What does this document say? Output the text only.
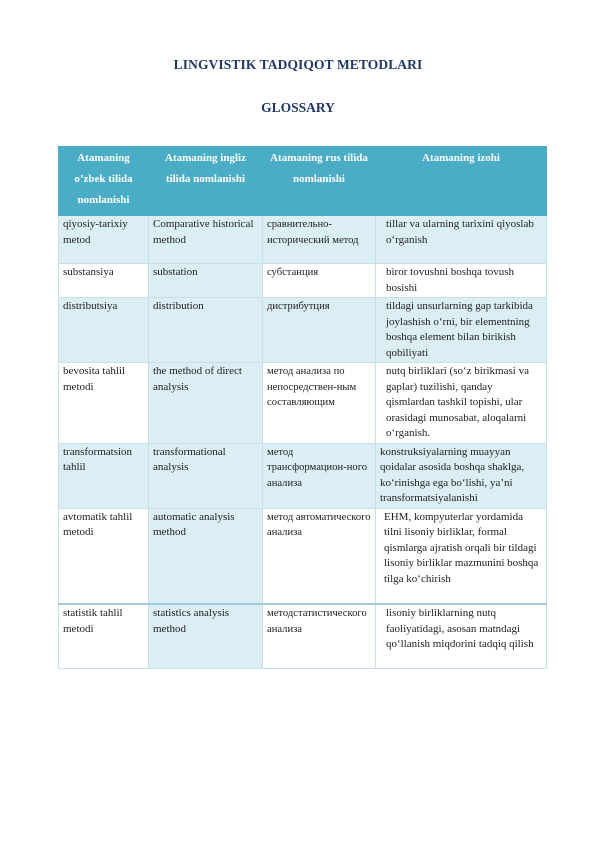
LINGVISTIK TADQIQOT METODLARI
GLOSSARY
Atamaning o’zbek tilida nomlanishi	Atamaning ingliz tilida nomlanishi	Atamaning rus tilida nomlanishi	Atamaning izohi
qiyosiy-tarixiy metod	Comparative historical method	сравнительно-исторический метод	tillar va ularning tarixini qiyoslab o‘rganish
substansiya	substation	субстанция	biror tovushni boshqa tovush bosishi
distributsiya	distribution	дистрибутция	tildagi unsurlarning gap tarkibida joylashish o‘rni, bir elementning boshqa element bilan birikish qobiliyati
bevosita tahlil metodi	the method of direct analysis	метод анализа по непосредствен-ным составляющим	nutq birliklari (so‘z birikmasi va gaplar) tuzilishi, qanday qismlardan tashkil topishi, ular orasidagi munosabat, aloqalarni o‘rganish.
transformatsion tahlil	transformational analysis	метод трансформацион-ного анализа	konstruksiyalarning muayyan qoidalar asosida boshqa shaklga, ko‘rinishga ega bo‘lishi, ya’ni transformatsiyalanishi
avtomatik tahlil metodi	automatic analysis method	метод автоматического анализа	EHM, kompyuterlar yordamida tilni lisoniy birliklar, formal qismlarga ajratish orqali bir tildagi lisoniy birliklar mazmunini boshqa tilga ko‘chirish
statistik tahlil metodi	statistics analysis method	методстатистического анализа	lisoniy birliklarning nutq faoliyatidagi, asosan matndagi qo‘llanish miqdorini tadqiq qilish
